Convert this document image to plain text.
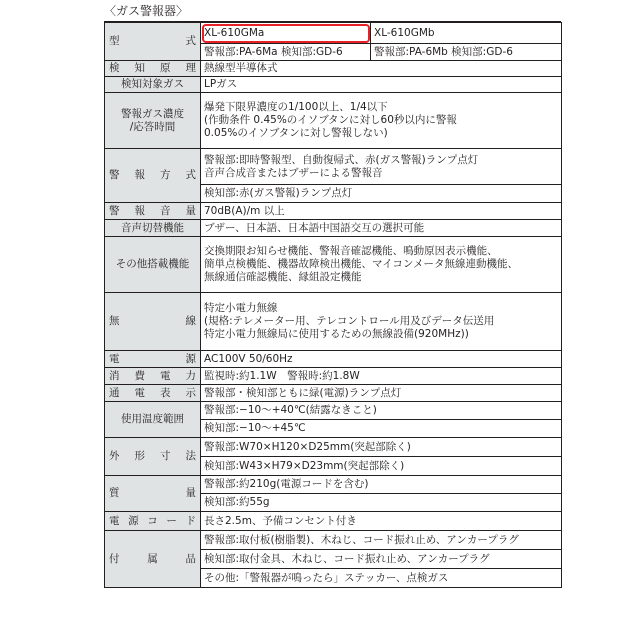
〈ガス警報器〉
型 式	XL-610GMa	XL-610GMb
	警報部:PA-6Ma 検知部:GD-6	警報部:PA-6Mb 検知部:GD-6

検 知 原 理	熱線型半導体式	
検知対象ガス	LPガス	

警報ガス濃度
/応答時間	爆発下限界濃度の1/100以上、1/4以下
(作動条件 0.45%のイソブタンに対し60秒以内に警報
0.05%のイソブタンに対し警報しない)	

警 報 方 式	警報部:即時警報型、自動復帰式、赤(ガス警報)ランプ点灯
音声合成音またはブザーによる警報音	

	検知部:赤(ガス警報)ランプ点灯	

警 報 音 量	70dB(A)/m 以上	
音声切替機能	ブザー、日本語、日本語中国語交互の選択可能	
その他搭載機能	交換期限お知らせ機能、警報音確認機能、鳴動原因表示機能、
簡単点検機能、機器故障検出機能、マイコンメータ無線連動機能、
無線通信確認機能、縁組設定機能	

無 線	特定小電力無線
(規格:テレメーター用、テレコントロール用及びデータ伝送用
特定小電力無線局に使用するための無線設備(920MHz))	

電 源	AC100V 50/60Hz	

消 費 電 力	監視時:約1.1W　警報時:約1.8W	

通 電 表 示	警報部・検知部ともに緑(電源)ランプ点灯	
使用温度範囲	警報部:−10〜+40℃(結露なきこと)	
	検知部:−10〜+45℃	

外 形 寸 法	警報部:W70×H120×D25mm(突起部除く)	
	検知部:W43×H79×D23mm(突起部除く)	

質 量	警報部:約210g(電源コードを含む)	
	検知部:約55g	

電 源 コ ー ド	長さ2.5m、予備コンセント付き	

付 属 品	警報部:取付板(樹脂製)、木ねじ、コード振れ止め、アンカープラグ	
	検知部:取付金具、木ねじ、コード振れ止め、アンカープラグ	
	その他:「警報器が鳴ったら」ステッカー、点検ガス	
